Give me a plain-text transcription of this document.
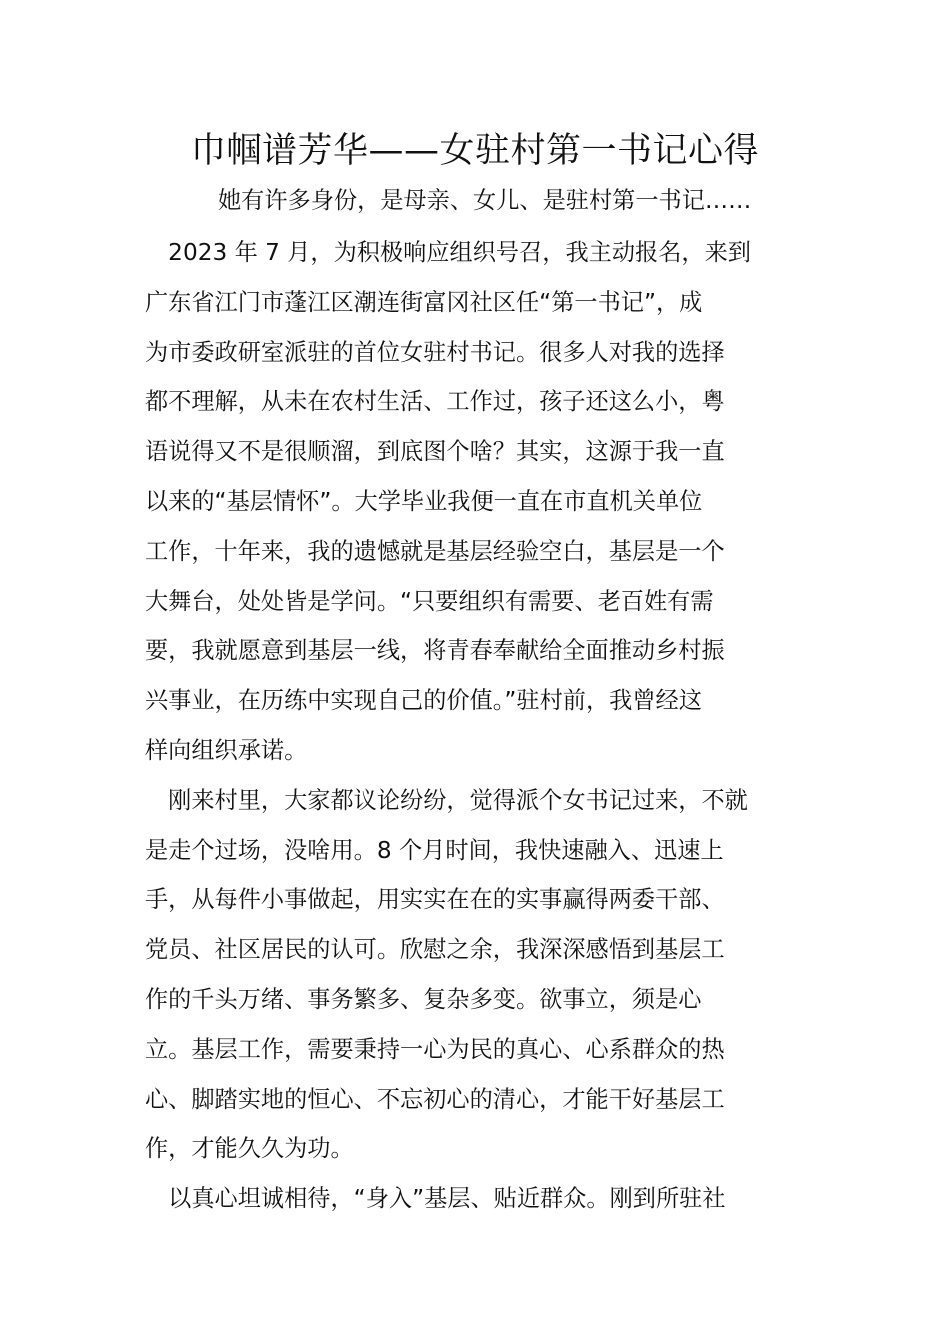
巾帼谱芳华——女驻村第一书记心得

她有许多身份，是母亲、女儿、是驻村第一书记……

　2023 年 7 月，为积极响应组织号召，我主动报名，来到
广东省江门市蓬江区潮连街富冈社区任“第一书记”，成
为市委政研室派驻的首位女驻村书记。很多人对我的选择
都不理解，从未在农村生活、工作过，孩子还这么小，粤
语说得又不是很顺溜，到底图个啥？其实，这源于我一直
以来的“基层情怀”。大学毕业我便一直在市直机关单位
工作，十年来，我的遗憾就是基层经验空白，基层是一个
大舞台，处处皆是学问。“只要组织有需要、老百姓有需
要，我就愿意到基层一线，将青春奉献给全面推动乡村振
兴事业，在历练中实现自己的价值。”驻村前，我曾经这
样向组织承诺。
　刚来村里，大家都议论纷纷，觉得派个女书记过来，不就
是走个过场，没啥用。8 个月时间，我快速融入、迅速上
手，从每件小事做起，用实实在在的实事赢得两委干部、
党员、社区居民的认可。欣慰之余，我深深感悟到基层工
作的千头万绪、事务繁多、复杂多变。欲事立，须是心
立。基层工作，需要秉持一心为民的真心、心系群众的热
心、脚踏实地的恒心、不忘初心的清心，才能干好基层工
作，才能久久为功。
　以真心坦诚相待，“身入”基层、贴近群众。刚到所驻社
